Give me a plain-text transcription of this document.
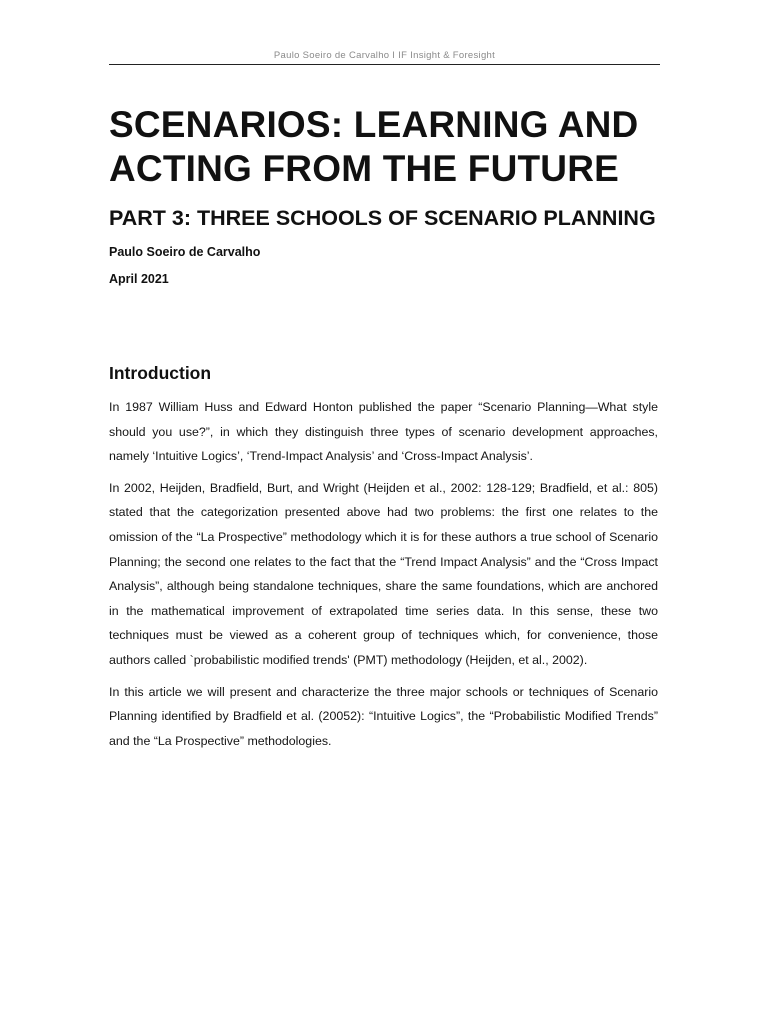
Paulo Soeiro de Carvalho I IF Insight & Foresight
SCENARIOS: LEARNING AND ACTING FROM THE FUTURE
PART 3: THREE SCHOOLS OF SCENARIO PLANNING

Paulo Soeiro de Carvalho

April 2021

Introduction

In 1987 William Huss and Edward Honton published the paper “Scenario Planning—What style should you use?”, in which they distinguish three types of scenario development approaches, namely ‘Intuitive Logics’, ‘Trend-Impact Analysis’ and ‘Cross-Impact Analysis’.

In 2002, Heijden, Bradfield, Burt, and Wright (Heijden et al., 2002: 128-129; Bradfield, et al.: 805) stated that the categorization presented above had two problems: the first one relates to the omission of the “La Prospective” methodology which it is for these authors a true school of Scenario Planning; the second one relates to the fact that the “Trend Impact Analysis” and the “Cross Impact Analysis”, although being standalone techniques, share the same foundations, which are anchored in the mathematical improvement of extrapolated time series data. In this sense, these two techniques must be viewed as a coherent group of techniques which, for convenience, those authors called `probabilistic modified trends' (PMT) methodology (Heijden, et al., 2002).

In this article we will present and characterize the three major schools or techniques of Scenario Planning identified by Bradfield et al. (20052): “Intuitive Logics”, the “Probabilistic Modified Trends” and the “La Prospective” methodologies.
